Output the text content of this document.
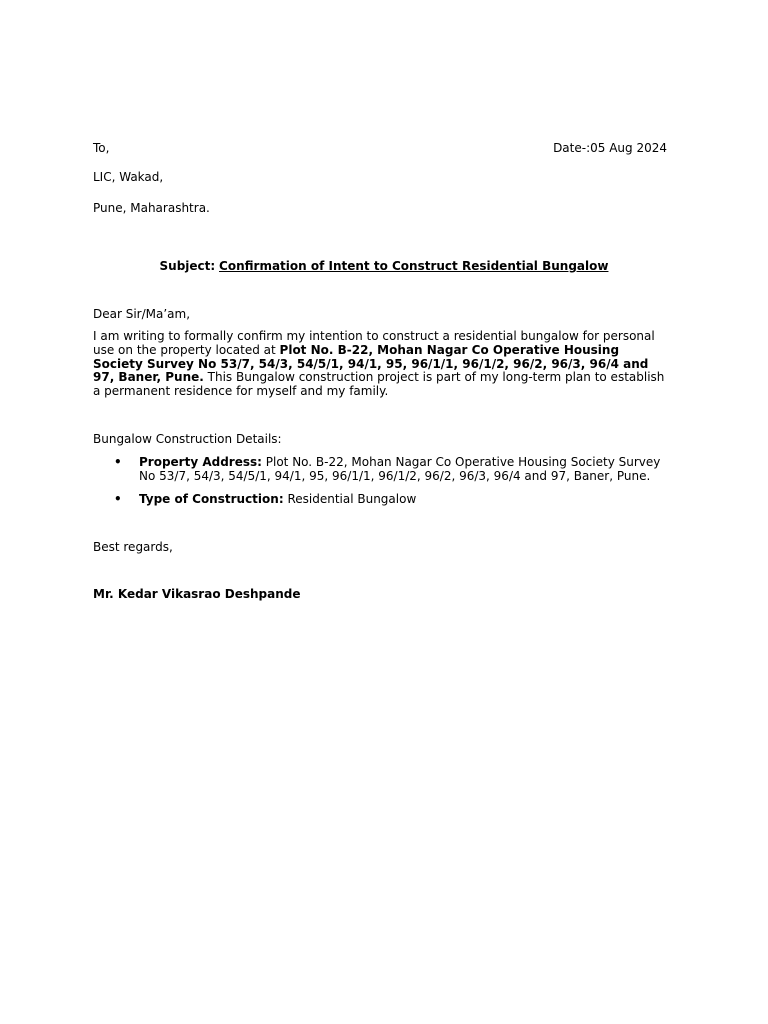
To,	Date-:05 Aug 2024
LIC, Wakad,
Pune, Maharashtra.
Subject: Confirmation of Intent to Construct Residential Bungalow
Dear Sir/Ma’am,
I am writing to formally confirm my intention to construct a residential bungalow for personal use on the property located at Plot No. B-22, Mohan Nagar Co Operative Housing Society Survey No 53/7, 54/3, 54/5/1, 94/1, 95, 96/1/1, 96/1/2, 96/2, 96/3, 96/4 and 97, Baner, Pune. This Bungalow construction project is part of my long-term plan to establish a permanent residence for myself and my family.
Bungalow Construction Details:
• Property Address: Plot No. B-22, Mohan Nagar Co Operative Housing Society Survey No 53/7, 54/3, 54/5/1, 94/1, 95, 96/1/1, 96/1/2, 96/2, 96/3, 96/4 and 97, Baner, Pune.
• Type of Construction: Residential Bungalow
Best regards,
Mr. Kedar Vikasrao Deshpande
